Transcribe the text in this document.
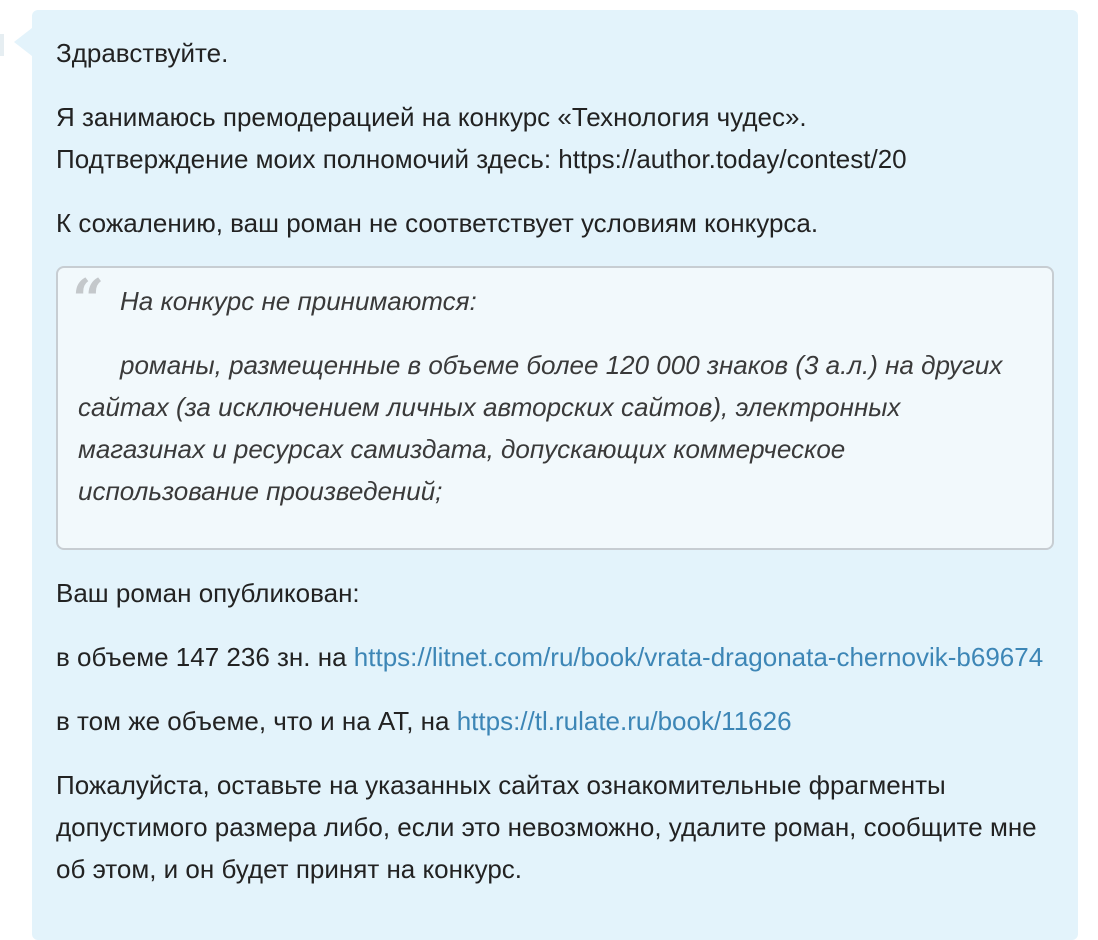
Здравствуйте.

Я занимаюсь премодерацией на конкурс «Технология чудес».
Подтверждение моих полномочий здесь: https://author.today/contest/20

К сожалению, ваш роман не соответствует условиям конкурса.

“ На конкурс не принимаются:

романы, размещенные в объеме более 120 000 знаков (3 а.л.) на других сайтах (за исключением личных авторских сайтов), электронных магазинах и ресурсах самиздата, допускающих коммерческое использование произведений;

Ваш роман опубликован:

в объеме 147 236 зн. на https://litnet.com/ru/book/vrata-dragonata-chernovik-b69674

в том же объеме, что и на АТ, на https://tl.rulate.ru/book/11626

Пожалуйста, оставьте на указанных сайтах ознакомительные фрагменты допустимого размера либо, если это невозможно, удалите роман, сообщите мне об этом, и он будет принят на конкурс.
